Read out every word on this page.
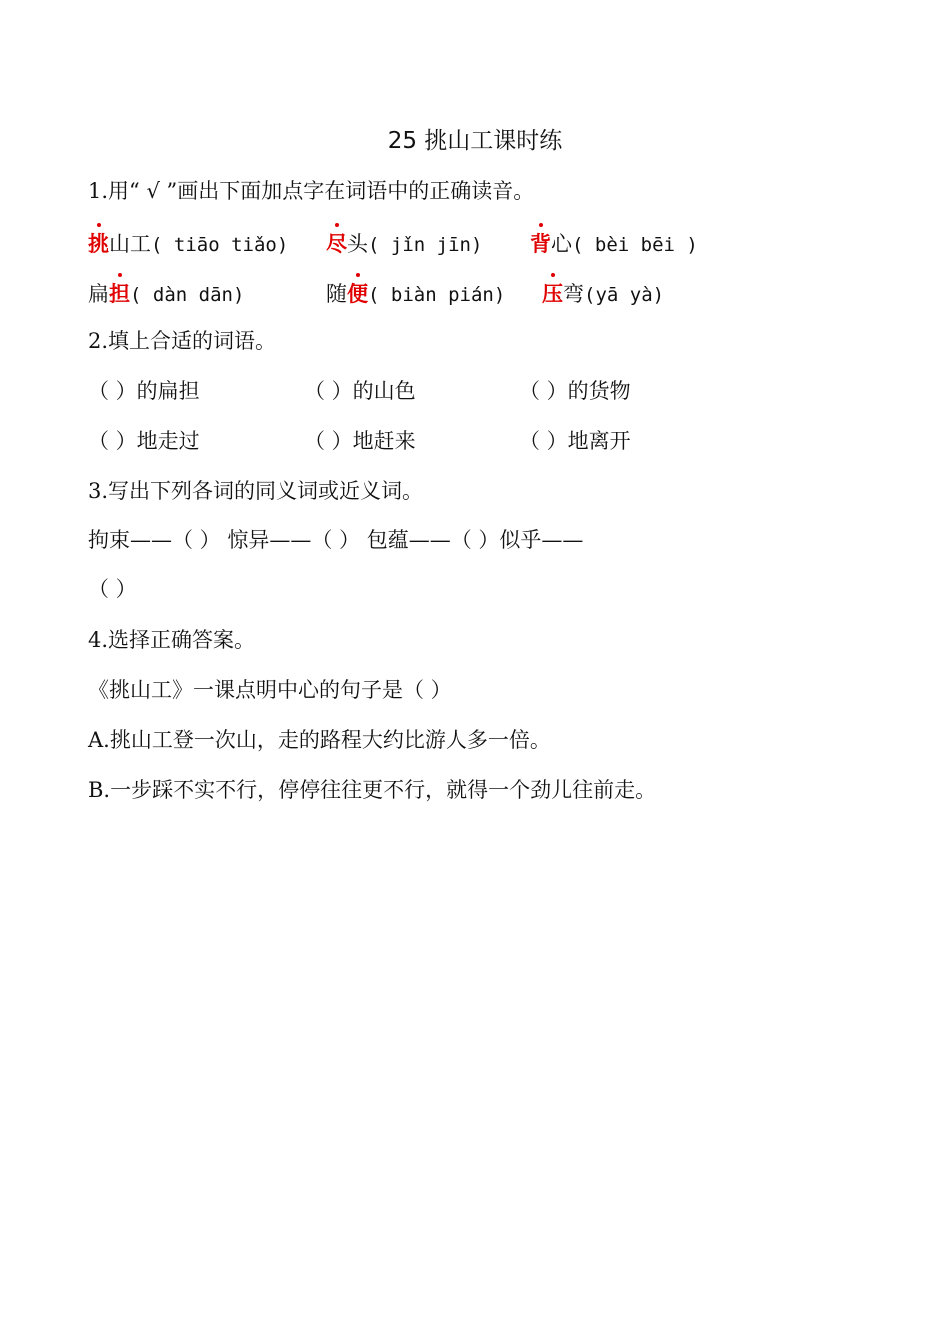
25 挑山工课时练
1.用“ √ ”画出下面加点字在词语中的正确读音。
挑山工( tiāo tiǎo) 尽头( jǐn jīn) 背心( bèi bēi )
扁担( dàn dān)	随便( biàn pián) 压弯(yā yà)
2.填上合适的词语。
（ ）的扁担	（ ）的山色	（ ）的货物
（ ）地走过	（ ）地赶来	（ ）地离开
3.写出下列各词的同义词或近义词。
拘束——（ ） 惊异——（ ） 包蕴——（ ）似乎——
（ ）
4.选择正确答案。
《挑山工》一课点明中心的句子是（ ）
A.挑山工登一次山，走的路程大约比游人多一倍。
B.一步踩不实不行，停停往往更不行，就得一个劲儿往前走。
